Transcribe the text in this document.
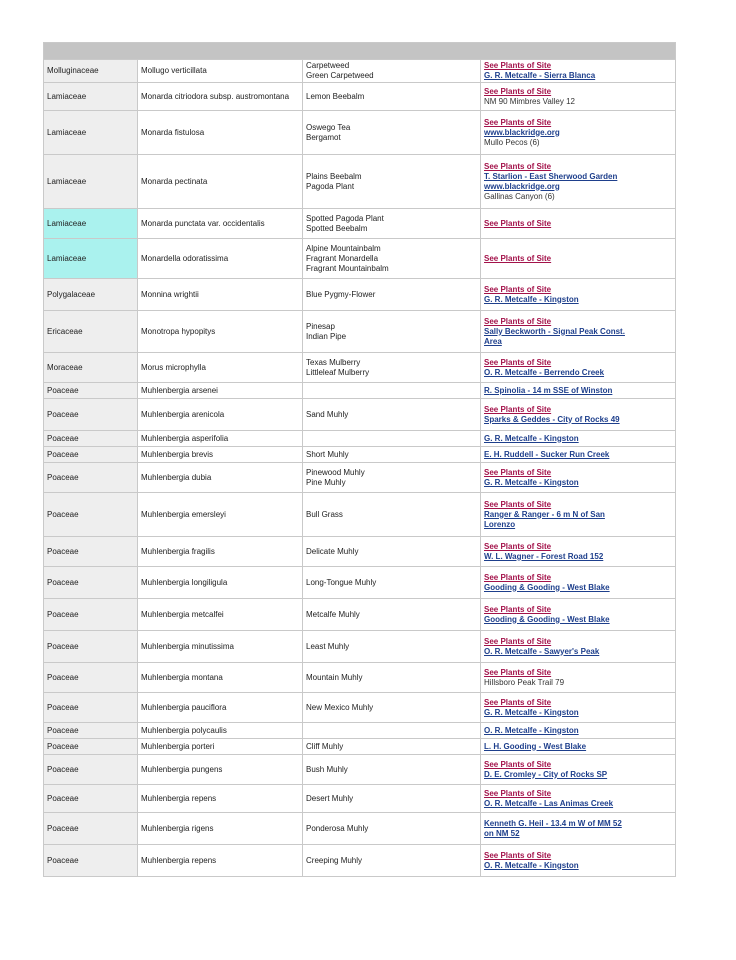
Molluginaceae	Mollugo verticillata	Carpetweed
Green Carpetweed	See Plants of Site
G. R. Metcalfe - Sierra Blanca

Lamiaceae	Monarda citriodora subsp. austromontana	Lemon Beebalm	See Plants of Site
NM 90 Mimbres Valley 12

Lamiaceae	Monarda fistulosa	Oswego Tea
Bergamot	See Plants of Site
www.blackridge.org
Mullo Pecos (6)

Lamiaceae	Monarda pectinata	Plains Beebalm
Pagoda Plant	See Plants of Site
T. Starlion - East Sherwood Garden
www.blackridge.org
Gallinas Canyon (6)

Lamiaceae	Monarda punctata var. occidentalis	Spotted Pagoda Plant
Spotted Beebalm	See Plants of Site

Lamiaceae	Monardella odoratissima	Alpine Mountainbalm
Fragrant Monardella
Fragrant Mountainbalm	See Plants of Site

Polygalaceae	Monnina wrightii	Blue Pygmy-Flower	See Plants of Site
G. R. Metcalfe - Kingston

Ericaceae	Monotropa hypopitys	Pinesap
Indian Pipe	See Plants of Site
Sally Beckworth - Signal Peak Const.
Area

Moraceae	Morus microphylla	Texas Mulberry
Littleleaf Mulberry	See Plants of Site
O. R. Metcalfe - Berrendo Creek

Poaceae	Muhlenbergia arsenei		R. Spinolia - 14 m SSE of Winston

Poaceae	Muhlenbergia arenicola	Sand Muhly	See Plants of Site
Sparks & Geddes - City of Rocks 49

Poaceae	Muhlenbergia asperifolia		G. R. Metcalfe - Kingston

Poaceae	Muhlenbergia brevis	Short Muhly	E. H. Ruddell - Sucker Run Creek

Poaceae	Muhlenbergia dubia	Pinewood Muhly
Pine Muhly	See Plants of Site
G. R. Metcalfe - Kingston

Poaceae	Muhlenbergia emersleyi	Bull Grass	See Plants of Site
Ranger & Ranger - 6 m N of San
Lorenzo

Poaceae	Muhlenbergia fragilis	Delicate Muhly	See Plants of Site
W. L. Wagner - Forest Road 152

Poaceae	Muhlenbergia longiligula	Long-Tongue Muhly	See Plants of Site
Gooding & Gooding - West Blake

Poaceae	Muhlenbergia metcalfei	Metcalfe Muhly	See Plants of Site
Gooding & Gooding - West Blake

Poaceae	Muhlenbergia minutissima	Least Muhly	See Plants of Site
O. R. Metcalfe - Sawyer's Peak

Poaceae	Muhlenbergia montana	Mountain Muhly	See Plants of Site
Hillsboro Peak Trail 79

Poaceae	Muhlenbergia pauciflora	New Mexico Muhly	See Plants of Site
G. R. Metcalfe - Kingston

Poaceae	Muhlenbergia polycaulis		O. R. Metcalfe - Kingston

Poaceae	Muhlenbergia porteri	Cliff Muhly	L. H. Gooding - West Blake

Poaceae	Muhlenbergia pungens	Bush Muhly	See Plants of Site
D. E. Cromley - City of Rocks SP

Poaceae	Muhlenbergia repens	Desert Muhly	See Plants of Site
O. R. Metcalfe - Las Animas Creek

Poaceae	Muhlenbergia rigens	Ponderosa Muhly	Kenneth G. Heil - 13.4 m W of MM 52
on NM 52

Poaceae	Muhlenbergia repens	Creeping Muhly	See Plants of Site
O. R. Metcalfe - Kingston
